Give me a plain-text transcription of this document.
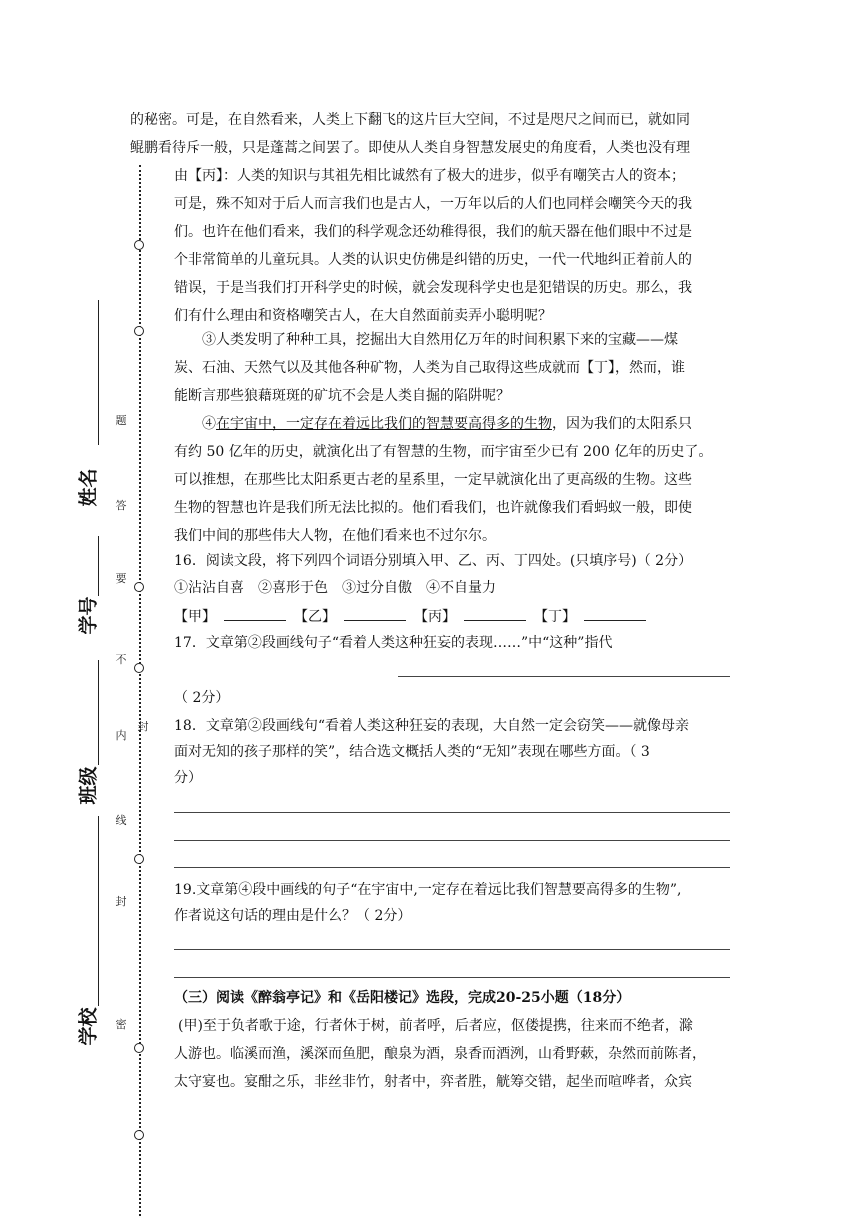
题
答
要
不
内
封
线
封
密
姓名
学号
班级
学校
的秘密。可是，在自然看来，人类上下翻飞的这片巨大空间，不过是咫尺之间而已，就如同
鲲鹏看待斥一般，只是蓬蒿之间罢了。即使从人类自身智慧发展史的角度看，人类也没有理
由【丙】：人类的知识与其祖先相比诚然有了极大的进步，似乎有嘲笑古人的资本；
可是，殊不知对于后人而言我们也是古人，一万年以后的人们也同样会嘲笑今天的我
们。也许在他们看来，我们的科学观念还幼稚得很，我们的航天器在他们眼中不过是
个非常简单的儿童玩具。人类的认识史仿佛是纠错的历史，一代一代地纠正着前人的
错误，于是当我们打开科学史的时候，就会发现科学史也是犯错误的历史。那么，我
们有什么理由和资格嘲笑古人，在大自然面前卖弄小聪明呢？
③人类发明了种种工具，挖掘出大自然用亿万年的时间积累下来的宝藏——煤
炭、石油、天然气以及其他各种矿物，人类为自己取得这些成就而【丁】，然而，谁
能断言那些狼藉斑斑的矿坑不会是人类自掘的陷阱呢？
④在宇宙中，一定存在着远比我们的智慧要高得多的生物，因为我们的太阳系只
有约 50 亿年的历史，就演化出了有智慧的生物，而宇宙至少已有 200 亿年的历史了。
可以推想，在那些比太阳系更古老的星系里，一定早就演化出了更高级的生物。这些
生物的智慧也许是我们所无法比拟的。他们看我们，也许就像我们看蚂蚁一般，即使
我们中间的那些伟大人物，在他们看来也不过尔尔。
16．阅读文段，将下列四个词语分别填入甲、乙、丙、丁四处。(只填序号)（ 2分）
①沾沾自喜　②喜形于色　③过分自傲　④不自量力
【甲】	【乙】	【丙】	【丁】
17．文章第②段画线句子“看着人类这种狂妄的表现……”中“这种”指代
（ 2分）
18．文章第②段画线句“看着人类这种狂妄的表现，大自然一定会窃笑——就像母亲
面对无知的孩子那样的笑”，结合选文概括人类的“无知”表现在哪些方面。（ 3
分）
19.文章第④段中画线的句子“在宇宙中,一定存在着远比我们智慧要高得多的生物”,
作者说这句话的理由是什么？（ 2分）
（三）阅读《醉翁亭记》和《岳阳楼记》选段，完成20-25小题（18分）
(甲)至于负者歌于途，行者休于树，前者呼，后者应，伛偻提携，往来而不绝者，滁
人游也。临溪而渔，溪深而鱼肥，酿泉为酒，泉香而酒洌，山肴野蔌，杂然而前陈者，
太守宴也。宴酣之乐，非丝非竹，射者中，弈者胜，觥筹交错，起坐而喧哗者，众宾
